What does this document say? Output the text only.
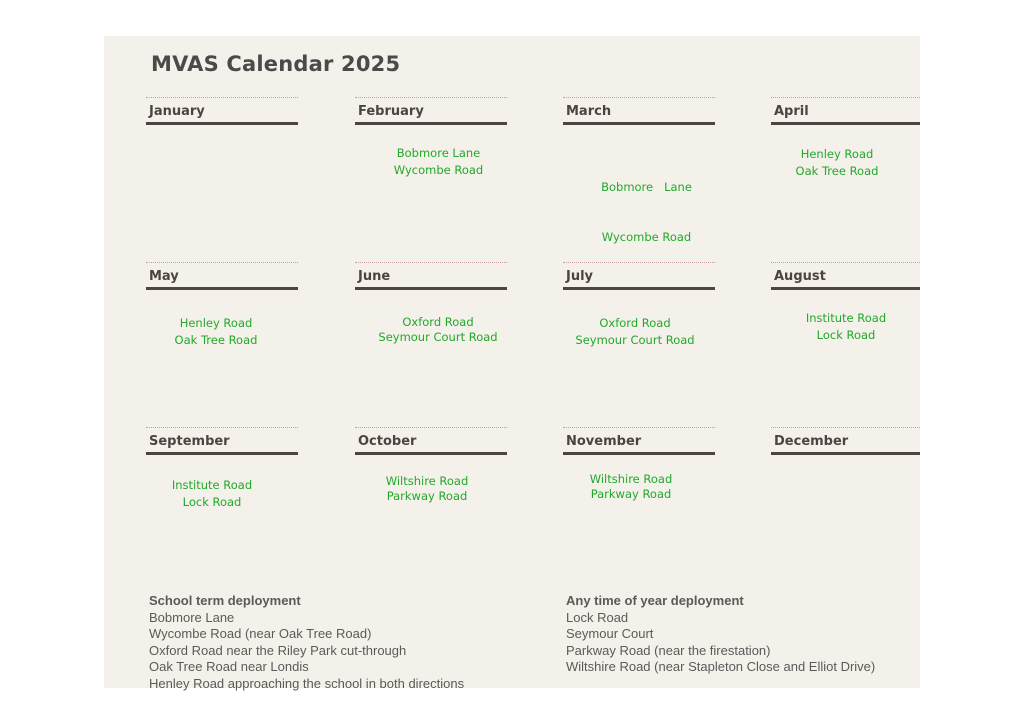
MVAS Calendar 2025
January	February
Bobmore Lane
Wycombe Road
March

Bobmore   Lane

Wycombe Road

April
Henley Road
Oak Tree Road
May
Henley Road
Oak Tree Road
June
Oxford Road
Seymour Court Road
July
Oxford Road
Seymour Court Road
August
Institute Road
Lock Road
September
Institute Road
Lock Road
October
Wiltshire Road
Parkway Road
November
Wiltshire Road
Parkway Road
December
School term deployment
Bobmore Lane
Wycombe Road (near Oak Tree Road)
Oxford Road near the Riley Park cut-through
Oak Tree Road near Londis
Henley Road approaching the school in both directions
Any time of year deployment
Lock Road
Seymour Court
Parkway Road (near the firestation)
Wiltshire Road (near Stapleton Close and Elliot Drive)
